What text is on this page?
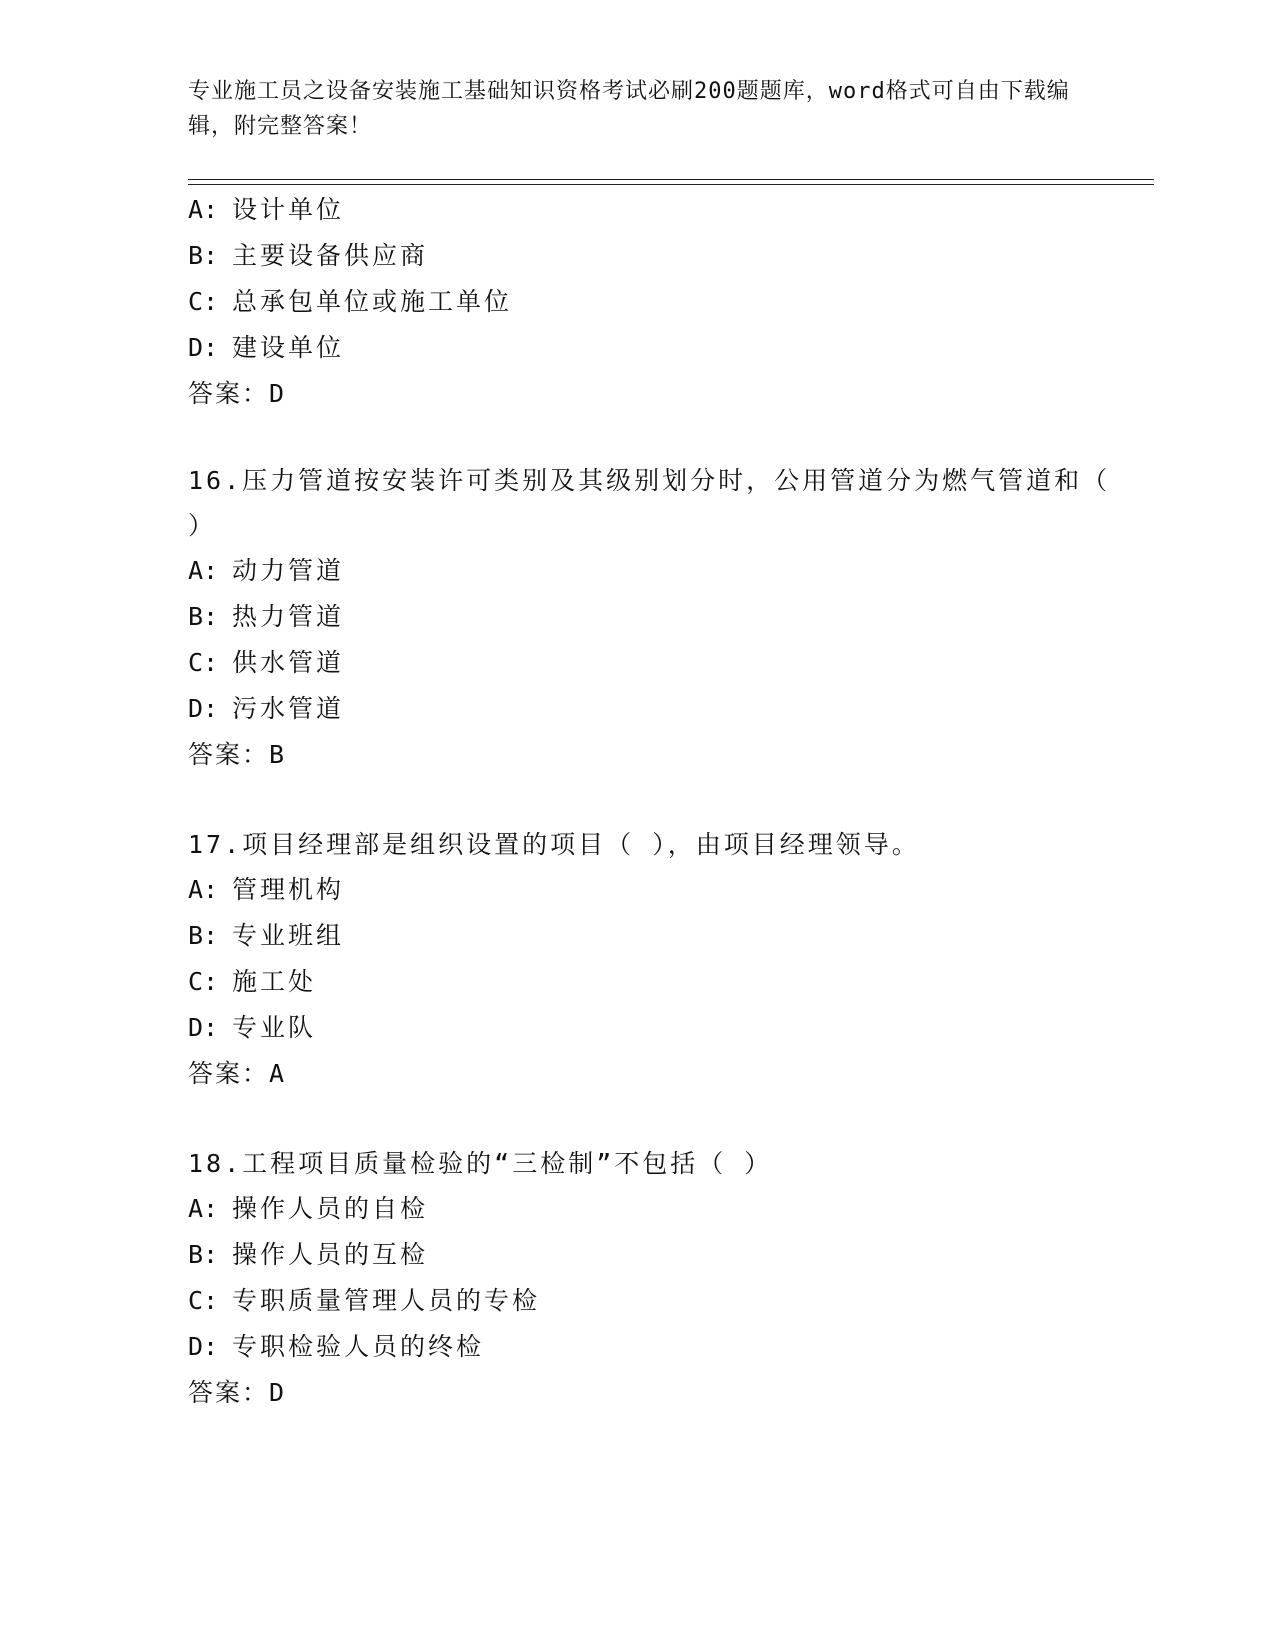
专业施工员之设备安装施工基础知识资格考试必刷200题题库，word格式可自由下载编辑，附完整答案！

A: 设计单位

B: 主要设备供应商

C: 总承包单位或施工单位

D: 建设单位

答案：D

16.压力管道按安装许可类别及其级别划分时，公用管道分为燃气管道和（ ）

A: 动力管道

B: 热力管道

C: 供水管道

D: 污水管道

答案：B

17.项目经理部是组织设置的项目（ ），由项目经理领导。

A: 管理机构

B: 专业班组

C: 施工处

D: 专业队

答案：A

18.工程项目质量检验的“三检制”不包括（ ）

A: 操作人员的自检

B: 操作人员的互检

C: 专职质量管理人员的专检

D: 专职检验人员的终检

答案：D
